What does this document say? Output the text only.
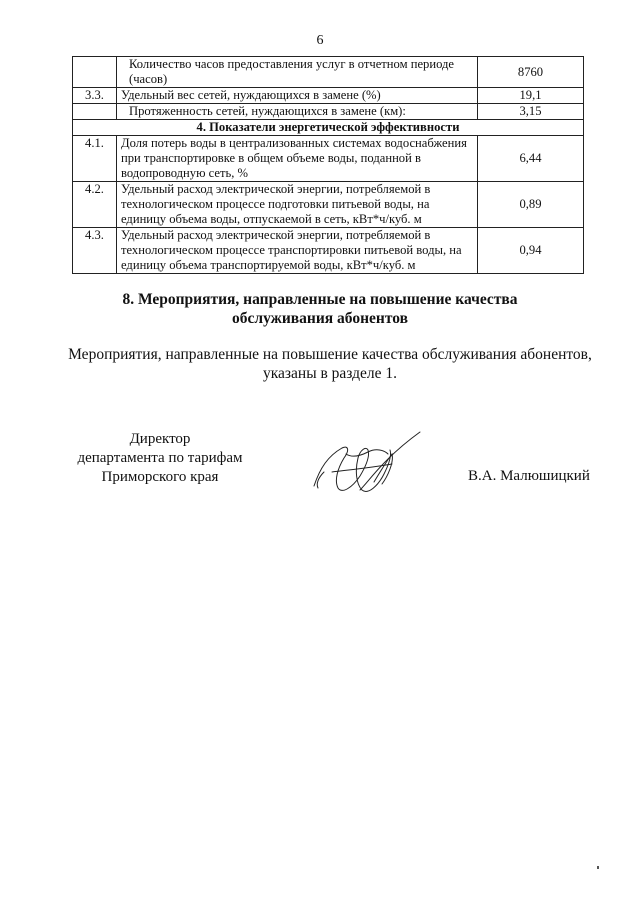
6
	Количество часов предоставления услуг в отчетном периоде (часов)	8760
3.3.	Удельный вес сетей, нуждающихся в замене (%)	19,1
	Протяженность сетей, нуждающихся в замене (км):	3,15
4. Показатели энергетической эффективности		
4.1.	Доля потерь воды в централизованных системах водоснабжения при транспортировке в общем объеме воды, поданной в водопроводную сеть, %	6,44
4.2.	Удельный расход электрической энергии, потребляемой в технологическом процессе подготовки питьевой воды, на единицу объема воды, отпускаемой в сеть, кВт*ч/куб. м	0,89
4.3.	Удельный расход электрической энергии, потребляемой в технологическом процессе транспортировки питьевой воды, на единицу объема транспортируемой воды, кВт*ч/куб. м	0,94
8. Мероприятия, направленные на повышение качества
обслуживания абонентов
Мероприятия, направленные на повышение качества обслуживания абонентов,
указаны в разделе 1.
Директор
департамента по тарифам
Приморского края	В.А. Малюшицкий
